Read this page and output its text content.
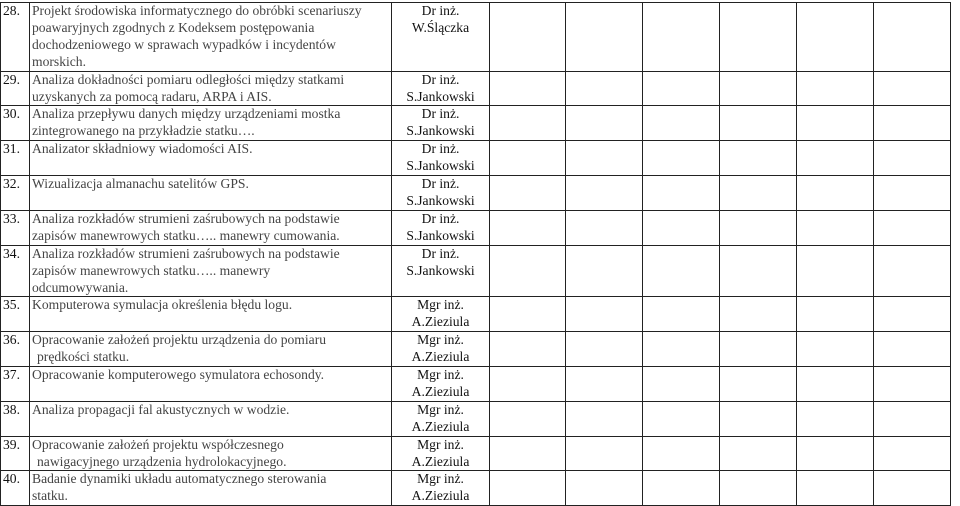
28.	Projekt środowiska informatycznego do obróbki scenariuszy
poawaryjnych zgodnych z Kodeksem postępowania
dochodzeniowego w sprawach wypadków i incydentów
morskich.	Dr inż.
W.Ślączka						

29.	Analiza dokładności pomiaru odległości między statkami
uzyskanych za pomocą radaru, ARPA i AIS.	Dr inż.
S.Jankowski						

30.	Analiza przepływu danych między urządzeniami mostka
zintegrowanego na przykładzie statku….	Dr inż.
S.Jankowski						

31.	Analizator składniowy wiadomości AIS.	Dr inż.
S.Jankowski						

32.	Wizualizacja almanachu satelitów GPS.	Dr inż.
S.Jankowski						

33.	Analiza rozkładów strumieni zaśrubowych na podstawie
zapisów manewrowych statku….. manewry cumowania.	Dr inż.
S.Jankowski						

34.	Analiza rozkładów strumieni zaśrubowych na podstawie
zapisów manewrowych statku….. manewry
odcumowywania.	Dr inż.
S.Jankowski						

35.	Komputerowa symulacja określenia błędu logu.	Mgr inż.
A.Zieziula						

36.	Opracowanie założeń projektu urządzenia do pomiaru
prędkości statku.	Mgr inż.
A.Zieziula						

37.	Opracowanie komputerowego symulatora echosondy.	Mgr inż.
A.Zieziula						

38.	Analiza propagacji fal akustycznych w wodzie.	Mgr inż.
A.Zieziula						

39.	Opracowanie założeń projektu współczesnego
nawigacyjnego urządzenia hydrolokacyjnego.	Mgr inż.
A.Zieziula						

40.	Badanie dynamiki układu automatycznego sterowania
statku.	Mgr inż.
A.Zieziula						
